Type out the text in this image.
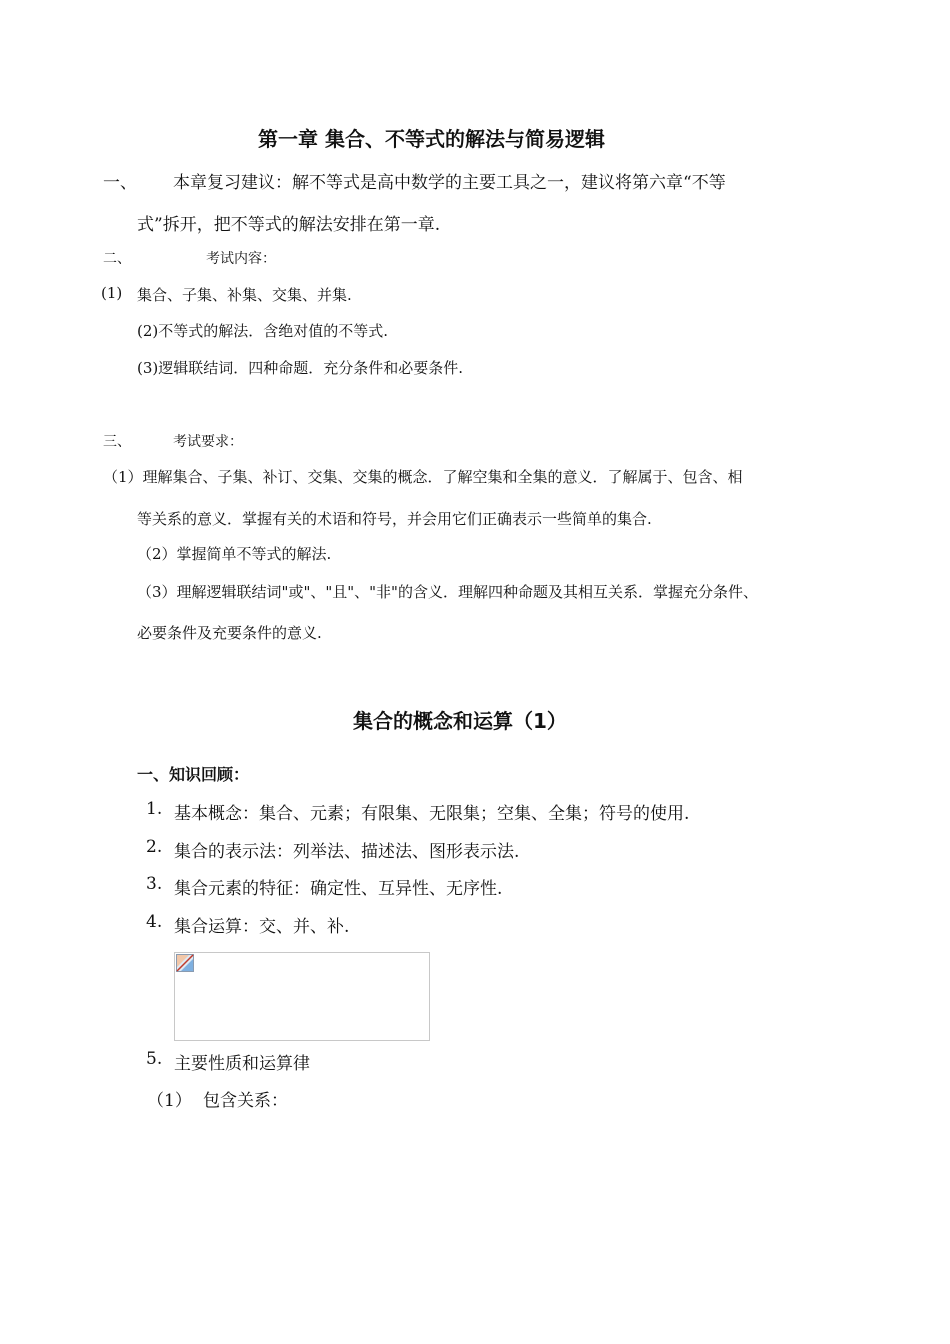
第一章 集合、不等式的解法与简易逻辑
一、 本章复习建议：解不等式是高中数学的主要工具之一，建议将第六章“不等
式”拆开，把不等式的解法安排在第一章.
二、	考试内容：
(1) 集合、子集、补集、交集、并集.
(2)不等式的解法．含绝对值的不等式.
(3)逻辑联结词．四种命题．充分条件和必要条件.
三、	考试要求：
（1）理解集合、子集、补订、交集、交集的概念．了解空集和全集的意义．了解属于、包含、相
等关系的意义．掌握有关的术语和符号，并会用它们正确表示一些简单的集合.
（2）掌握简单不等式的解法.
（3）理解逻辑联结词"或"、"且"、"非"的含义．理解四种命题及其相互关系．掌握充分条件、
必要条件及充要条件的意义.
集合的概念和运算（1）
一、知识回顾：
1. 基本概念：集合、元素；有限集、无限集；空集、全集；符号的使用.
2. 集合的表示法：列举法、描述法、图形表示法.
3. 集合元素的特征：确定性、互异性、无序性.
4. 集合运算：交、并、补.
5. 主要性质和运算律
（1） 包含关系：
